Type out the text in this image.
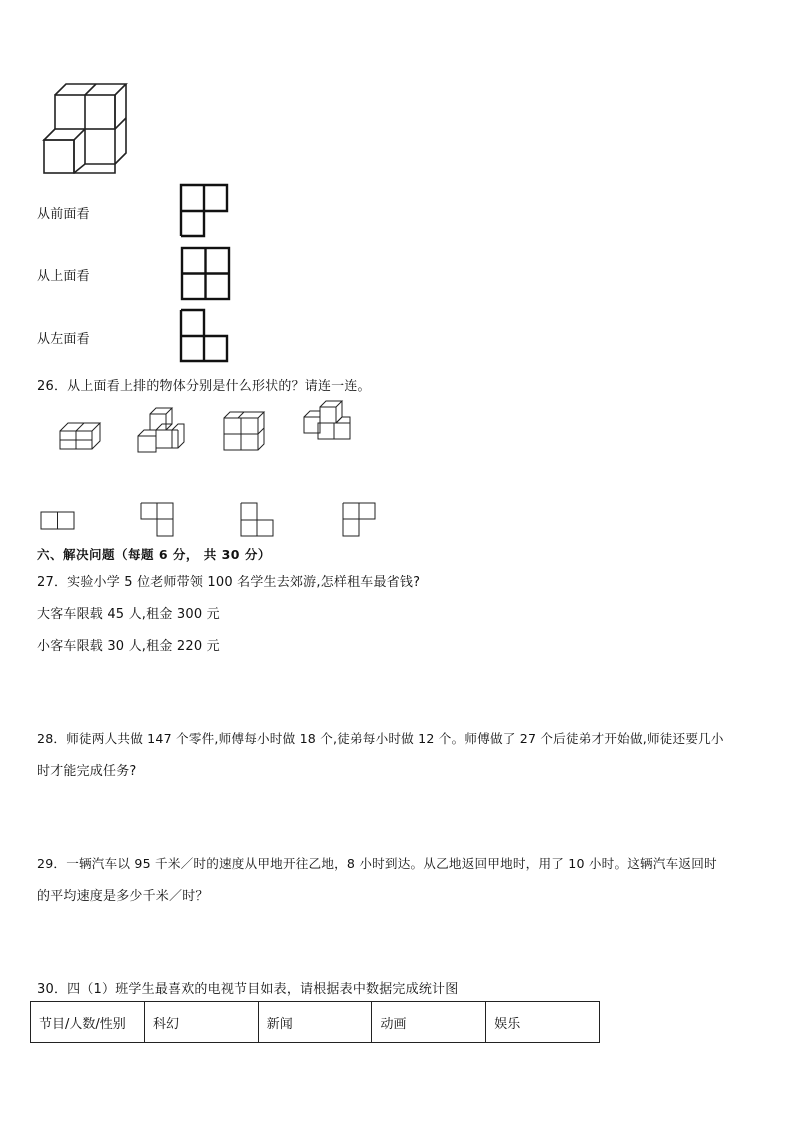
从前面看
从上面看
从左面看
26．从上面看上排的物体分别是什么形状的？请连一连。
六、解决问题（每题 6 分， 共 30 分）
27．实验小学 5 位老师带领 100 名学生去郊游,怎样租车最省钱?
大客车限载 45 人,租金 300 元
小客车限载 30 人,租金 220 元
28．师徒两人共做 147 个零件,师傅每小时做 18 个,徒弟每小时做 12 个。师傅做了 27 个后徒弟才开始做,师徒还要几小
时才能完成任务?
29．一辆汽车以 95 千米／时的速度从甲地开往乙地，8 小时到达。从乙地返回甲地时，用了 10 小时。这辆汽车返回时
的平均速度是多少千米／时？
30．四（1）班学生最喜欢的电视节目如表，请根据表中数据完成统计图
节目/人数/性别	科幻	新闻	动画	娱乐
